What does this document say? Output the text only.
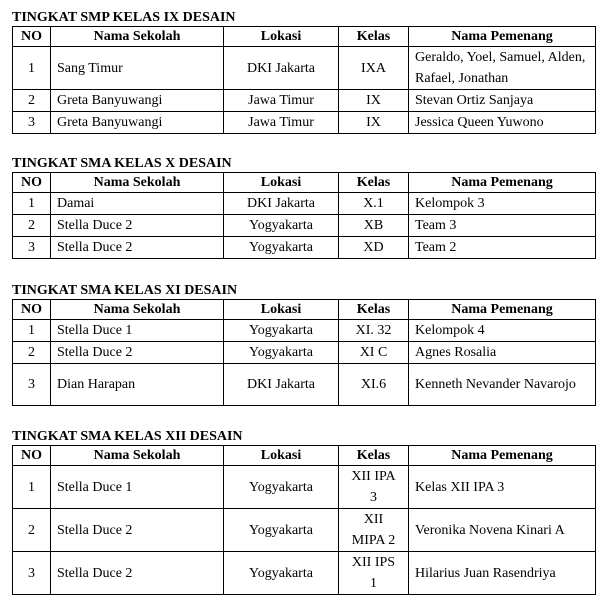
TINGKAT SMP KELAS IX DESAIN

NO	Nama Sekolah	Lokasi	Kelas	Nama Pemenang
1	Sang Timur	DKI Jakarta	IXA	Geraldo, Yoel, Samuel, Alden, Rafael, Jonathan
2	Greta Banyuwangi	Jawa Timur	IX	Stevan Ortiz Sanjaya
3	Greta Banyuwangi	Jawa Timur	IX	Jessica Queen Yuwono

TINGKAT SMA KELAS X DESAIN

NO	Nama Sekolah	Lokasi	Kelas	Nama Pemenang
1	Damai	DKI Jakarta	X.1	Kelompok 3
2	Stella Duce 2	Yogyakarta	XB	Team 3
3	Stella Duce 2	Yogyakarta	XD	Team 2

TINGKAT SMA KELAS XI DESAIN

NO	Nama Sekolah	Lokasi	Kelas	Nama Pemenang
1	Stella Duce 1	Yogyakarta	XI. 32	Kelompok 4
2	Stella Duce 2	Yogyakarta	XI C	Agnes Rosalia
3	Dian Harapan	DKI Jakarta	XI.6	Kenneth Nevander Navarojo

TINGKAT SMA KELAS XII DESAIN

NO	Nama Sekolah	Lokasi	Kelas	Nama Pemenang
1	Stella Duce 1	Yogyakarta	XII IPA 3	Kelas XII IPA 3
2	Stella Duce 2	Yogyakarta	XII MIPA 2	Veronika Novena Kinari A
3	Stella Duce 2	Yogyakarta	XII IPS 1	Hilarius Juan Rasendriya
